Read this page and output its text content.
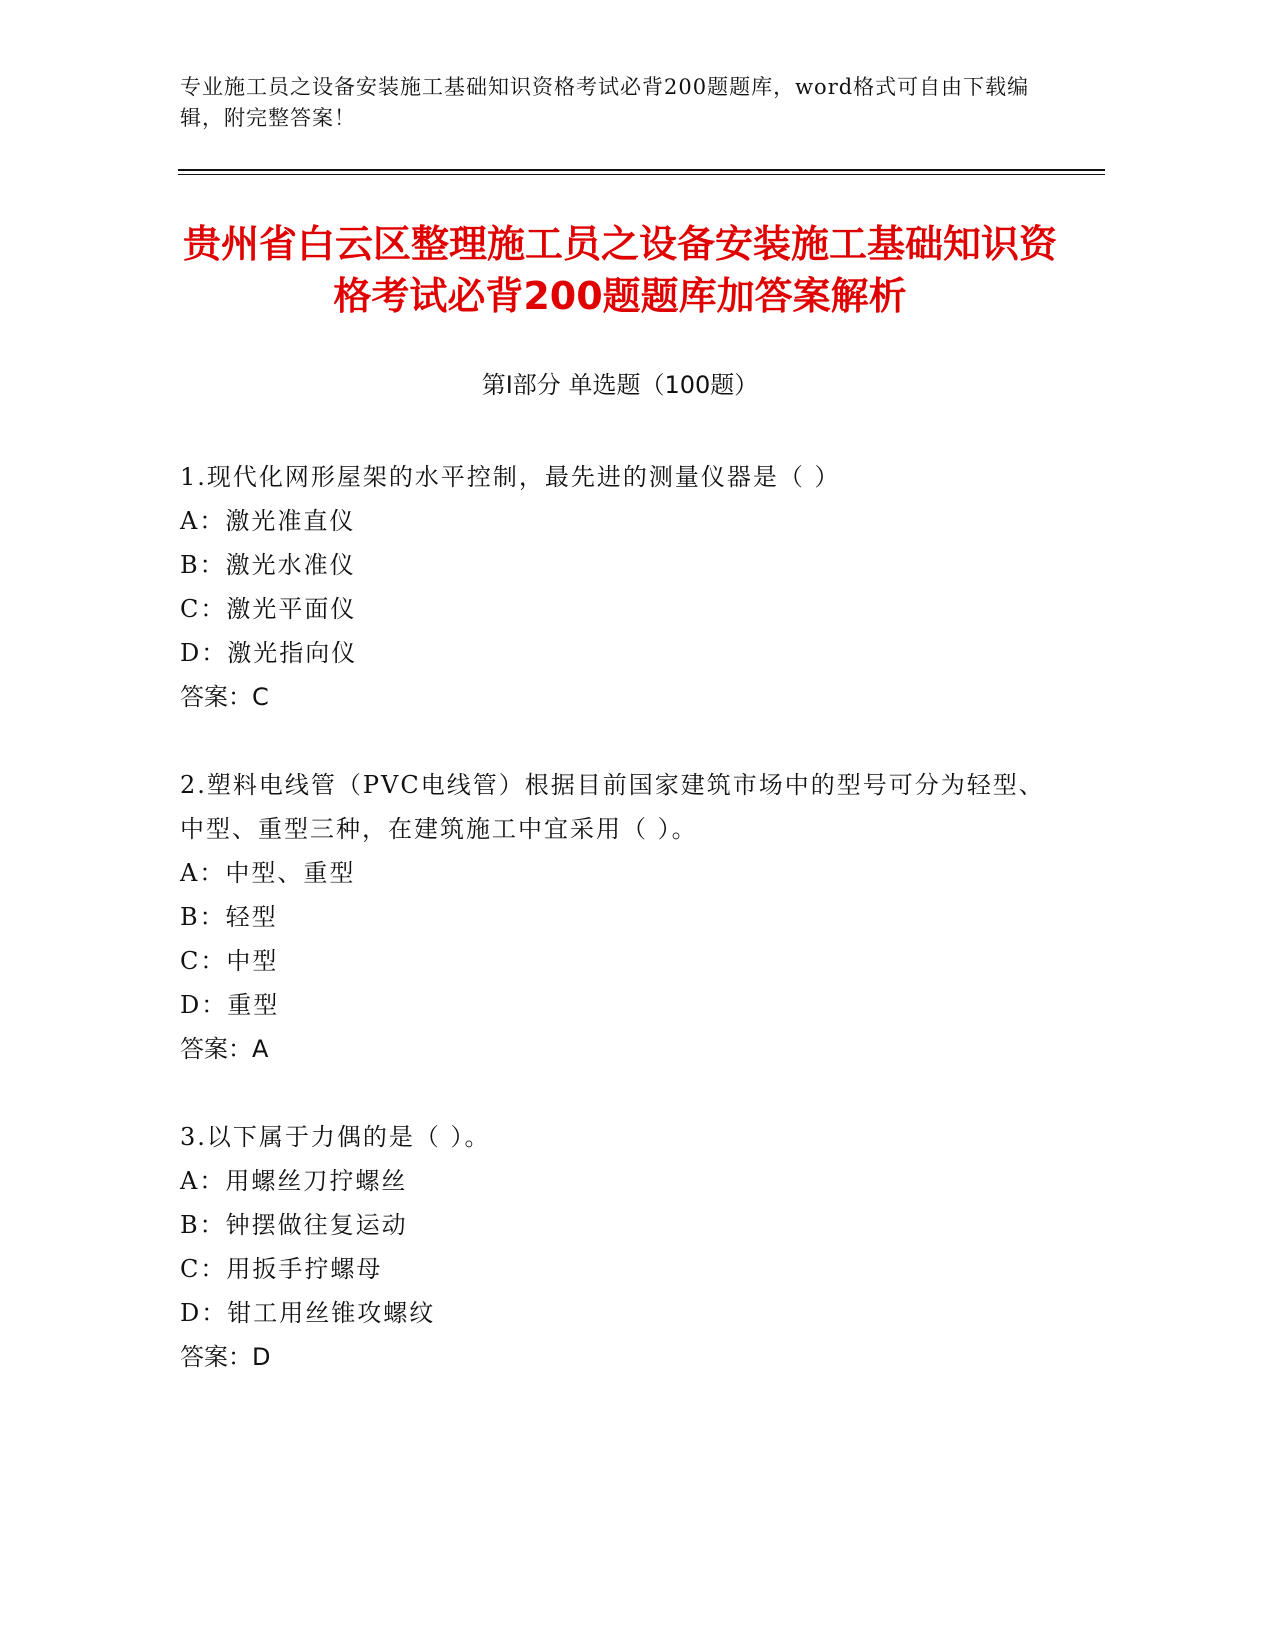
专业施工员之设备安装施工基础知识资格考试必背200题题库，word格式可自由下载编辑，附完整答案！
贵州省白云区整理施工员之设备安装施工基础知识资格考试必背200题题库加答案解析
第Ⅰ部分 单选题（100题）

1.现代化网形屋架的水平控制，最先进的测量仪器是（ ）

A：激光准直仪

B：激光水准仪

C：激光平面仪

D：激光指向仪

答案：C

2.塑料电线管（PVC电线管）根据目前国家建筑市场中的型号可分为轻型、中型、重型三种，在建筑施工中宜采用（ ）。

A：中型、重型

B：轻型

C：中型

D：重型

答案：A

3.以下属于力偶的是（ ）。

A：用螺丝刀拧螺丝

B：钟摆做往复运动

C：用扳手拧螺母

D：钳工用丝锥攻螺纹

答案：D
